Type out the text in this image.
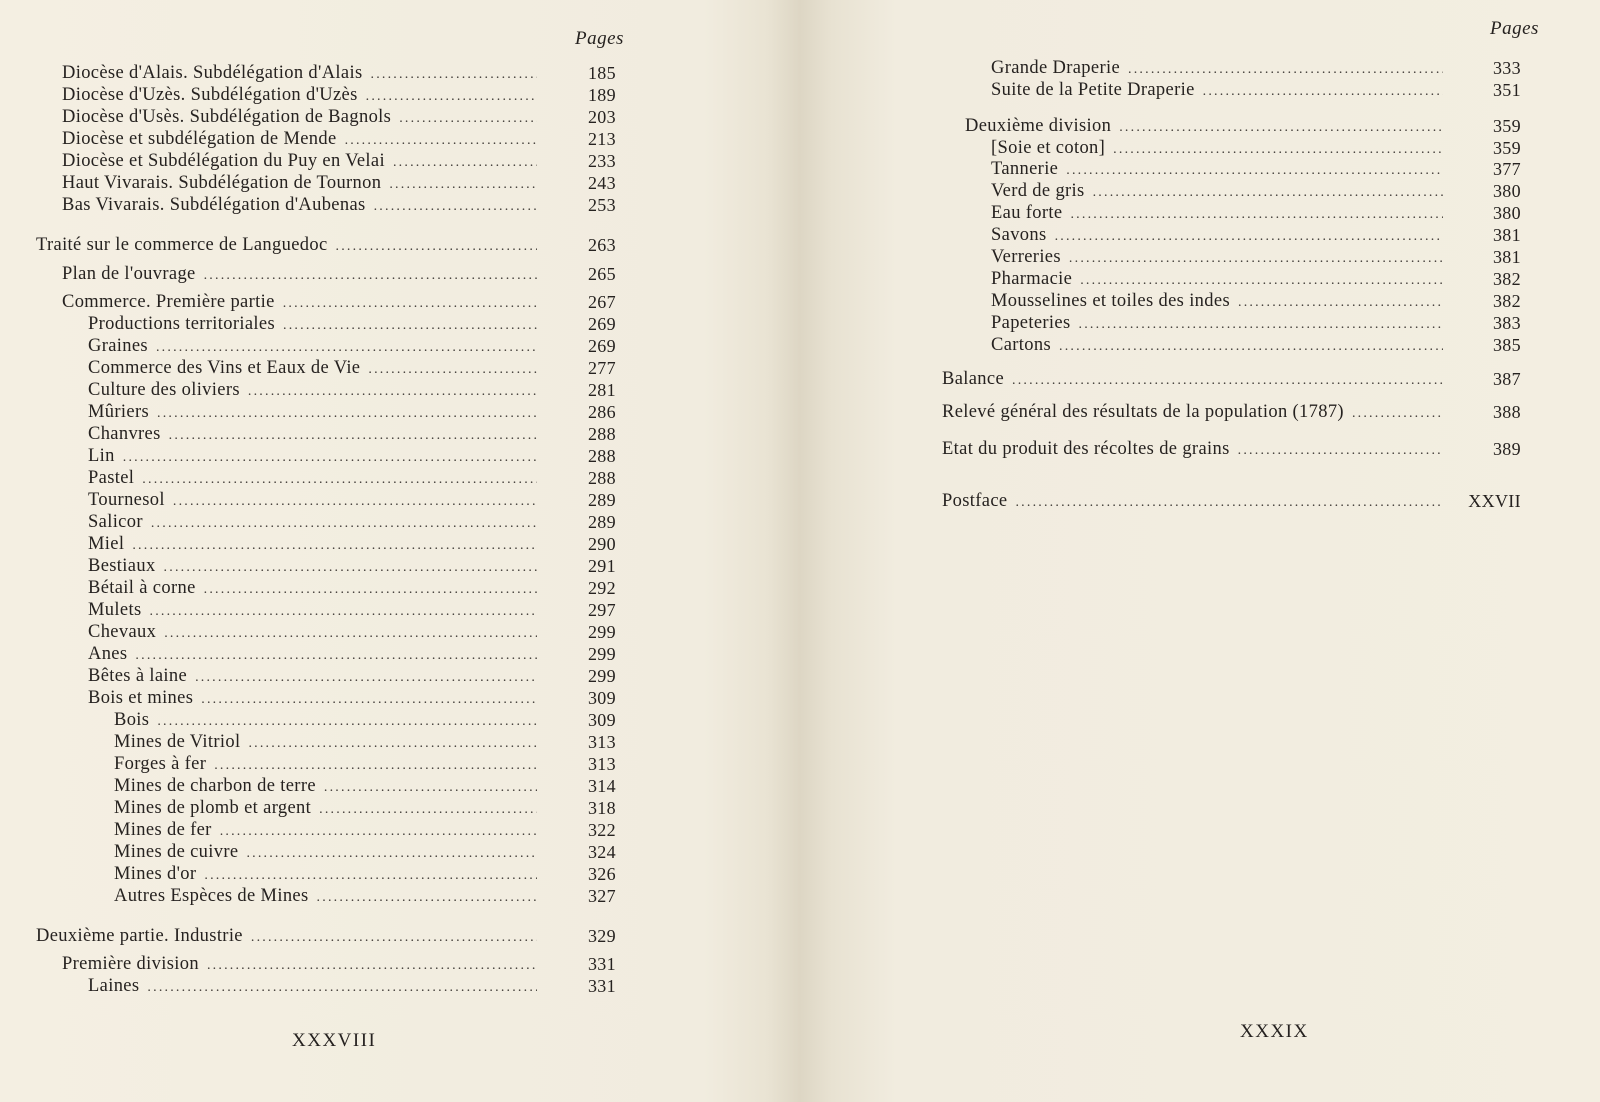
Pages
Diocèse d'Alais. Subdélégation d'Alais .....	185
Diocèse d'Uzès. Subdélégation d'Uzès .....	189
Diocèse d'Usès. Subdélégation de Bagnols .....	203
Diocèse et subdélégation de Mende .....	213
Diocèse et Subdélégation du Puy en Velai .....	233
Haut Vivarais. Subdélégation de Tournon .....	243
Bas Vivarais. Subdélégation d'Aubenas .....	253
Traité sur le commerce de Languedoc .....	263
Plan de l'ouvrage .....	265
Commerce. Première partie .....	267
Productions territoriales .....	269
Graines .....	269
Commerce des Vins et Eaux de Vie .....	277
Culture des oliviers .....	281
Mûriers .....	286
Chanvres .....	288
Lin .....	288
Pastel .....	288
Tournesol .....	289
Salicor .....	289
Miel .....	290
Bestiaux .....	291
Bétail à corne .....	292
Mulets .....	297
Chevaux .....	299
Anes .....	299
Bêtes à laine .....	299
Bois et mines .....	309
Bois .....	309
Mines de Vitriol .....	313
Forges à fer .....	313
Mines de charbon de terre .....	314
Mines de plomb et argent .....	318
Mines de fer .....	322
Mines de cuivre .....	324
Mines d'or .....	326
Autres Espèces de Mines .....	327
Deuxième partie. Industrie .....	329
Première division .....	331
Laines .....	331
XXXVIII
Pages
Grande Draperie .....	333
Suite de la Petite Draperie .....	351
Deuxième division .....	359
[Soie et coton] .....	359
Tannerie .....	377
Verd de gris .....	380
Eau forte .....	380
Savons .....	381
Verreries .....	381
Pharmacie .....	382
Mousselines et toiles des indes .....	382
Papeteries .....	383
Cartons .....	385
Balance .....	387
Relevé général des résultats de la population (1787) .....	388
Etat du produit des récoltes de grains .....	389
Postface .....	XXVII
XXXIX
